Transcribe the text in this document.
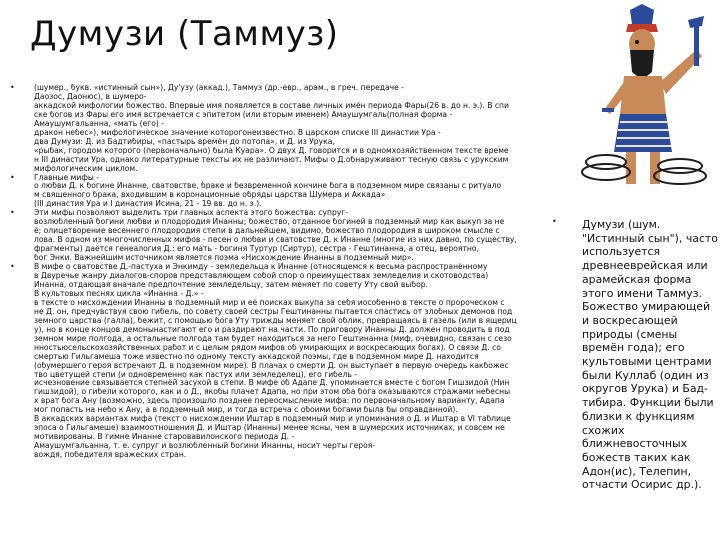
Думузи (Таммуз)
•	(шумер., букв. «истинный сын»), Ду'узу (аккад.), Таммуз (др.-евр., арам., в греч. передаче -
Даозос, Даонюс), в шумеро-
аккадской мифологии божество. Впервые имя появляется в составе личных имён периода Фары(26 в. до н. э.). В спи
ске богов из Фары его имя встречается с эпитетом (или вторым именем) Амаушумгаль(полная форма -
Амаушумгальанна, «мать (его) -
дракон небес»), мифологическое значение которогонеизвестно. В царском списке III династии Ура -
два Думузи: Д. из Бадтибиры, «пастырь времён до потопа», и Д. из Урука,
«рыбак, городом которого (первоначально) была Куара». О двух Д. говорится и в одномхозяйственном тексте време
н III династии Ура, однако литературные тексты их не различают. Мифы о Д.обнаруживают тесную связь с урукским
мифологическим циклом.
•	Главные мифы -
о любви Д. к богине Инанне, сватовстве, браке и безвременной кончине бога в подземном мире связаны с ритуало
м священного брака, входившим в коронационные обряды царства Шумера и Аккада»
(III династия Ура и I династия Исина, 21 - 19 вв. до н. э.).
•	Эти мифы позволяют выделить три главных аспекта этого божества: супруг-
возлюбленный богини любви и плодородия Инанны; божество, отданное богиней в подземный мир как выкуп за не
ё; олицетворение весеннего плодородия степи в дальнейшем, видимо, божество плодородия в широком смысле с
лова. В одном из многочисленных мифов - песен о любви и сватовстве Д. к Инанне (многие из них давно, по существу,
фрагменты) даётся генеалогия Д.: его мать - богиня Туртур (Сиртур), сестра - Гештинанна, а отец, вероятно,
бог Энки. Важнейшим источником является поэма «Нисхождение Инанны в подземный мир».
•	В мифе о сватовстве Д.-пастуха и Энкимду - земледельца к Инанне (относящемся к весьма распространённому
в Двуречье жанру диалогов-споров представляющем собой спор о преимуществах земледелия и скотоводства)
Инанна, отдающая вначале предпочтение земледельцу, затем меняет по совету Уту свой выбор.
В культовых песнях цикла «Инанна - Д.» -
в тексте о нисхождении Инанны в подземный мир и её поисках выкупа за себя иособенно в тексте о пророческом с
не Д. он, предчувствуя свою гибель, по совету своей сестры Гештинанны пытается спастись от злобных демонов под
земного царства (галла), бежит, с помощью бога Уту трижды меняет свой облик, превращаясь в газель (или в ящериц
у), но в конце концов демонынастигают его и раздирают на части. По приговору Инанны Д. должен проводить в под
земном мире полгода, а остальные полгода там будет находиться за него Гештинанна (миф, очевидно, связан с сезо
нностьюсельскохозяйственных работ и с целым рядом мифов об умирающих и воскресающих богах). О связи Д. со
смертью Гильгамеша тоже известно по одному тексту аккадской поэмы, где в подземном мире Д. находится
(обумершего героя встречают Д. в подземном мире). В плачах о смерти Д. он выступает в первую очередь какбожес
тво цветущей степи (и одновременно как пастух или земледелец), его гибель -
исчезновение связывается степнёй засухой в степи. В мифе об Адапе Д. упоминается вместе с богом Гишзидой (Нин
гишзидой), о гибели которого, как и о Д., якобы плачет Адапа, но при этом оба бога оказываются стражами небесны
х врат бога Ану (возможно, здесь произошло позднее переосмысление мифа: по первоначальному варианту, Адапа
мог попасть на небо к Ану, а в подземный мир, и тогда встреча с обоими богами была бы оправданной).
В аккадских вариантах мифа (текст о нисхождении Иштар в подземный мир и упоминания о Д. и Иштар в VI таблице
эпоса о Гильгамеше) взаимоотношения Д. и Иштар (Инанны) менее ясны, чем в шумерских источниках, и совсем не
мотивированы. В гимне Инанне старовавилонского периода Д. -
Амаушумгальанна, т. е. супруг и возлюбленный богини Инанны, носит черты героя-
вождя, победителя вражеских стран.
•	Думузи (шум.
"Истинный сын"), часто
используется
древнееврейская или
арамейская форма
этого имени Таммуз.
Божество умирающей
и воскресающей
природы (смены
времён года); его
культовыми центрами
были Куллаб (один из
округов Урука) и Бад-
тибира. Функции были
близки к функциям
схожих
ближневосточных
божеств таких как
Адон(ис), Телепин,
отчасти Осирис др.).
